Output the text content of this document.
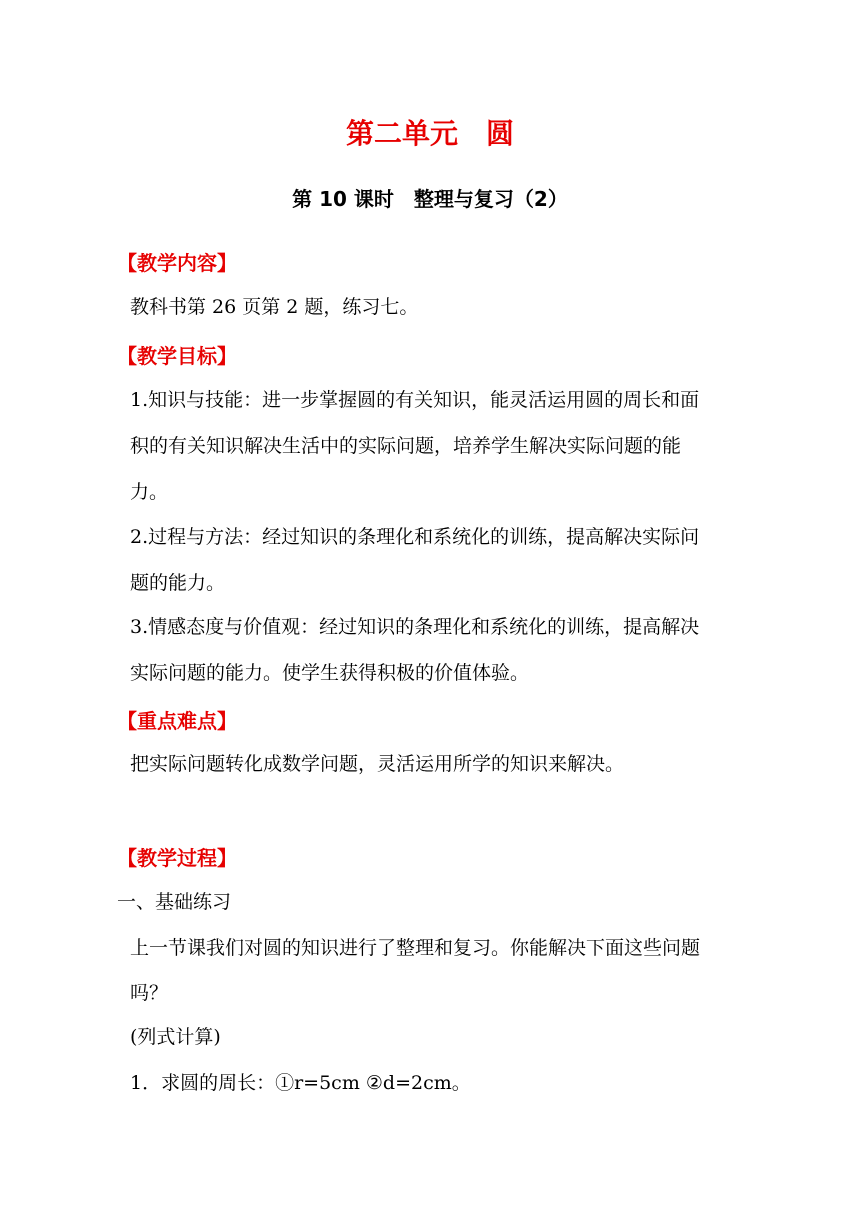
第二单元　圆
第 10 课时　整理与复习（2）
【教学内容】
教科书第 26 页第 2 题，练习七。
【教学目标】
1.知识与技能：进一步掌握圆的有关知识，能灵活运用圆的周长和面
积的有关知识解决生活中的实际问题，培养学生解决实际问题的能
力。
2.过程与方法：经过知识的条理化和系统化的训练，提高解决实际问
题的能力。
3.情感态度与价值观：经过知识的条理化和系统化的训练，提高解决
实际问题的能力。使学生获得积极的价值体验。
【重点难点】
把实际问题转化成数学问题，灵活运用所学的知识来解决。
【教学过程】
一、基础练习
上一节课我们对圆的知识进行了整理和复习。你能解决下面这些问题
吗？
(列式计算)
1．求圆的周长：①r=5cm ②d=2cm。
